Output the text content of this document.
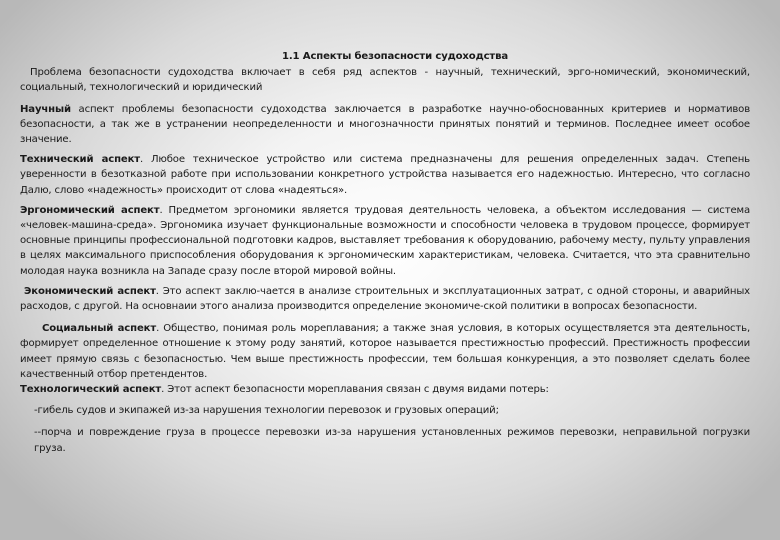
1.1 Аспекты безопасности судоходства

Проблема безопасности судоходства включает в себя ряд аспектов - научный, технический, эрго-номический, экономический, социальный, технологический и юридический

Научный аспект проблемы безопасности судоходства заключается в разработке научно-обоснованных критериев и нормативов безопасности, а так же в устранении неопределенности и многозначности принятых понятий и терминов. Последнее имеет особое значение.

Технический аспект. Любое техническое устройство или система предназначены для решения определенных задач. Степень уверенности в безотказной работе при использовании конкретного устройства называется его надежностью. Интересно, что согласно Далю, слово «надежность» происходит от слова «надеяться».

Эргономический аспект. Предметом эргономики является трудовая деятельность человека, а объектом исследования — система «человек-машина-среда». Эргономика изучает функциональные возможности и способности человека в трудовом процессе, формирует основные принципы профессиональной подготовки кадров, выставляет требования к оборудованию, рабочему месту, пульту управления в целях максимального приспособления оборудования к эргономическим характеристикам, человека. Считается, что эта сравнительно молодая наука возникла на Западе сразу после второй мировой войны.

Экономический аспект. Это аспект заклю-чается в анализе строительных и эксплуатационных затрат, с одной стороны, и аварийных расходов, с другой. На основнаии этого анализа производится определение экономиче-ской политики в вопросах безопасности.

Социальный аспект. Общество, понимая роль мореплавания; а также зная условия, в которых осуществляется эта деятельность, формирует определенное отношение к этому роду занятий, которое называется престижностью профессий. Престижность профессии имеет прямую связь с безопасностью. Чем выше престижность профессии, тем большая конкуренция, а это позволяет сделать более качественный отбор претендентов.

Технологический аспект. Этот аспект безопасности мореплавания связан с двумя видами потерь:

-гибель судов и экипажей из-за нарушения технологии перевозок и грузовых операций;

--порча и повреждение груза в процессе перевозки из-за нарушения установленных режимов перевозки, неправильной погрузки груза.
